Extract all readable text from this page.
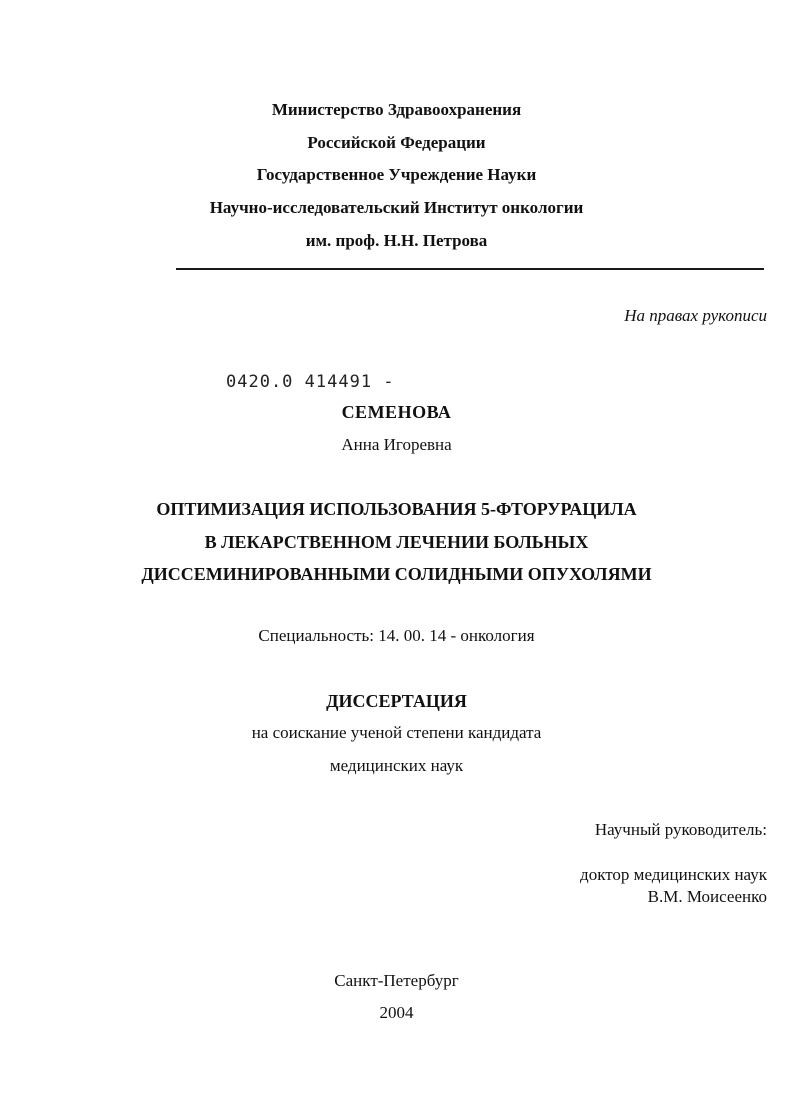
Министерство Здравоохранения
Российской Федерации
Государственное Учреждение Науки
Научно-исследовательский Институт онкологии
им. проф. Н.Н. Петрова
На правах рукописи
0420.0 414491 -
СЕМЕНОВА
Анна Игоревна
ОПТИМИЗАЦИЯ ИСПОЛЬЗОВАНИЯ 5-ФТОРУРАЦИЛА
В ЛЕКАРСТВЕННОМ ЛЕЧЕНИИ БОЛЬНЫХ
ДИССЕМИНИРОВАННЫМИ СОЛИДНЫМИ ОПУХОЛЯМИ
Специальность: 14. 00. 14 - онкология
ДИССЕРТАЦИЯ
на соискание ученой степени кандидата
медицинских наук
Научный руководитель:
доктор медицинских наук
В.М. Моисеенко
Санкт-Петербург
2004
